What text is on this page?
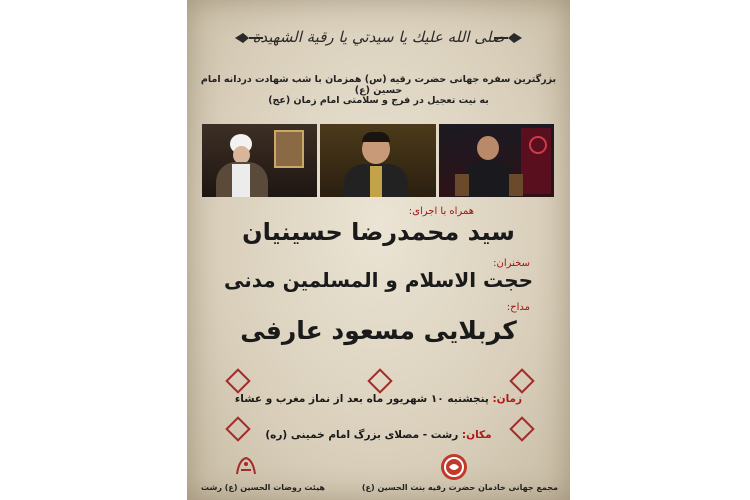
صلى الله عليك يا سيدتي يا رقية الشهيدة
بزرگترین سفره جهانی حضرت رقیه (س) همزمان با شب شهادت دردانه امام حسین (ع)
به نیت تعجیل در فرج و سلامتی امام زمان (عج)
همراه با اجرای:
سید محمدرضا حسینیان
سخنران:
حجت الاسلام و المسلمین مدنی
مداح:
کربلایی مسعود عارفی
زمان: پنجشنبه ۱۰ شهریور ماه بعد از نماز مغرب و عشاء
مکان: رشت - مصلای بزرگ امام خمینی (ره)
هیئت روضات الحسین (ع) رشت	مجمع جهانی خادمان حضرت رقیه بنت الحسین (ع)
